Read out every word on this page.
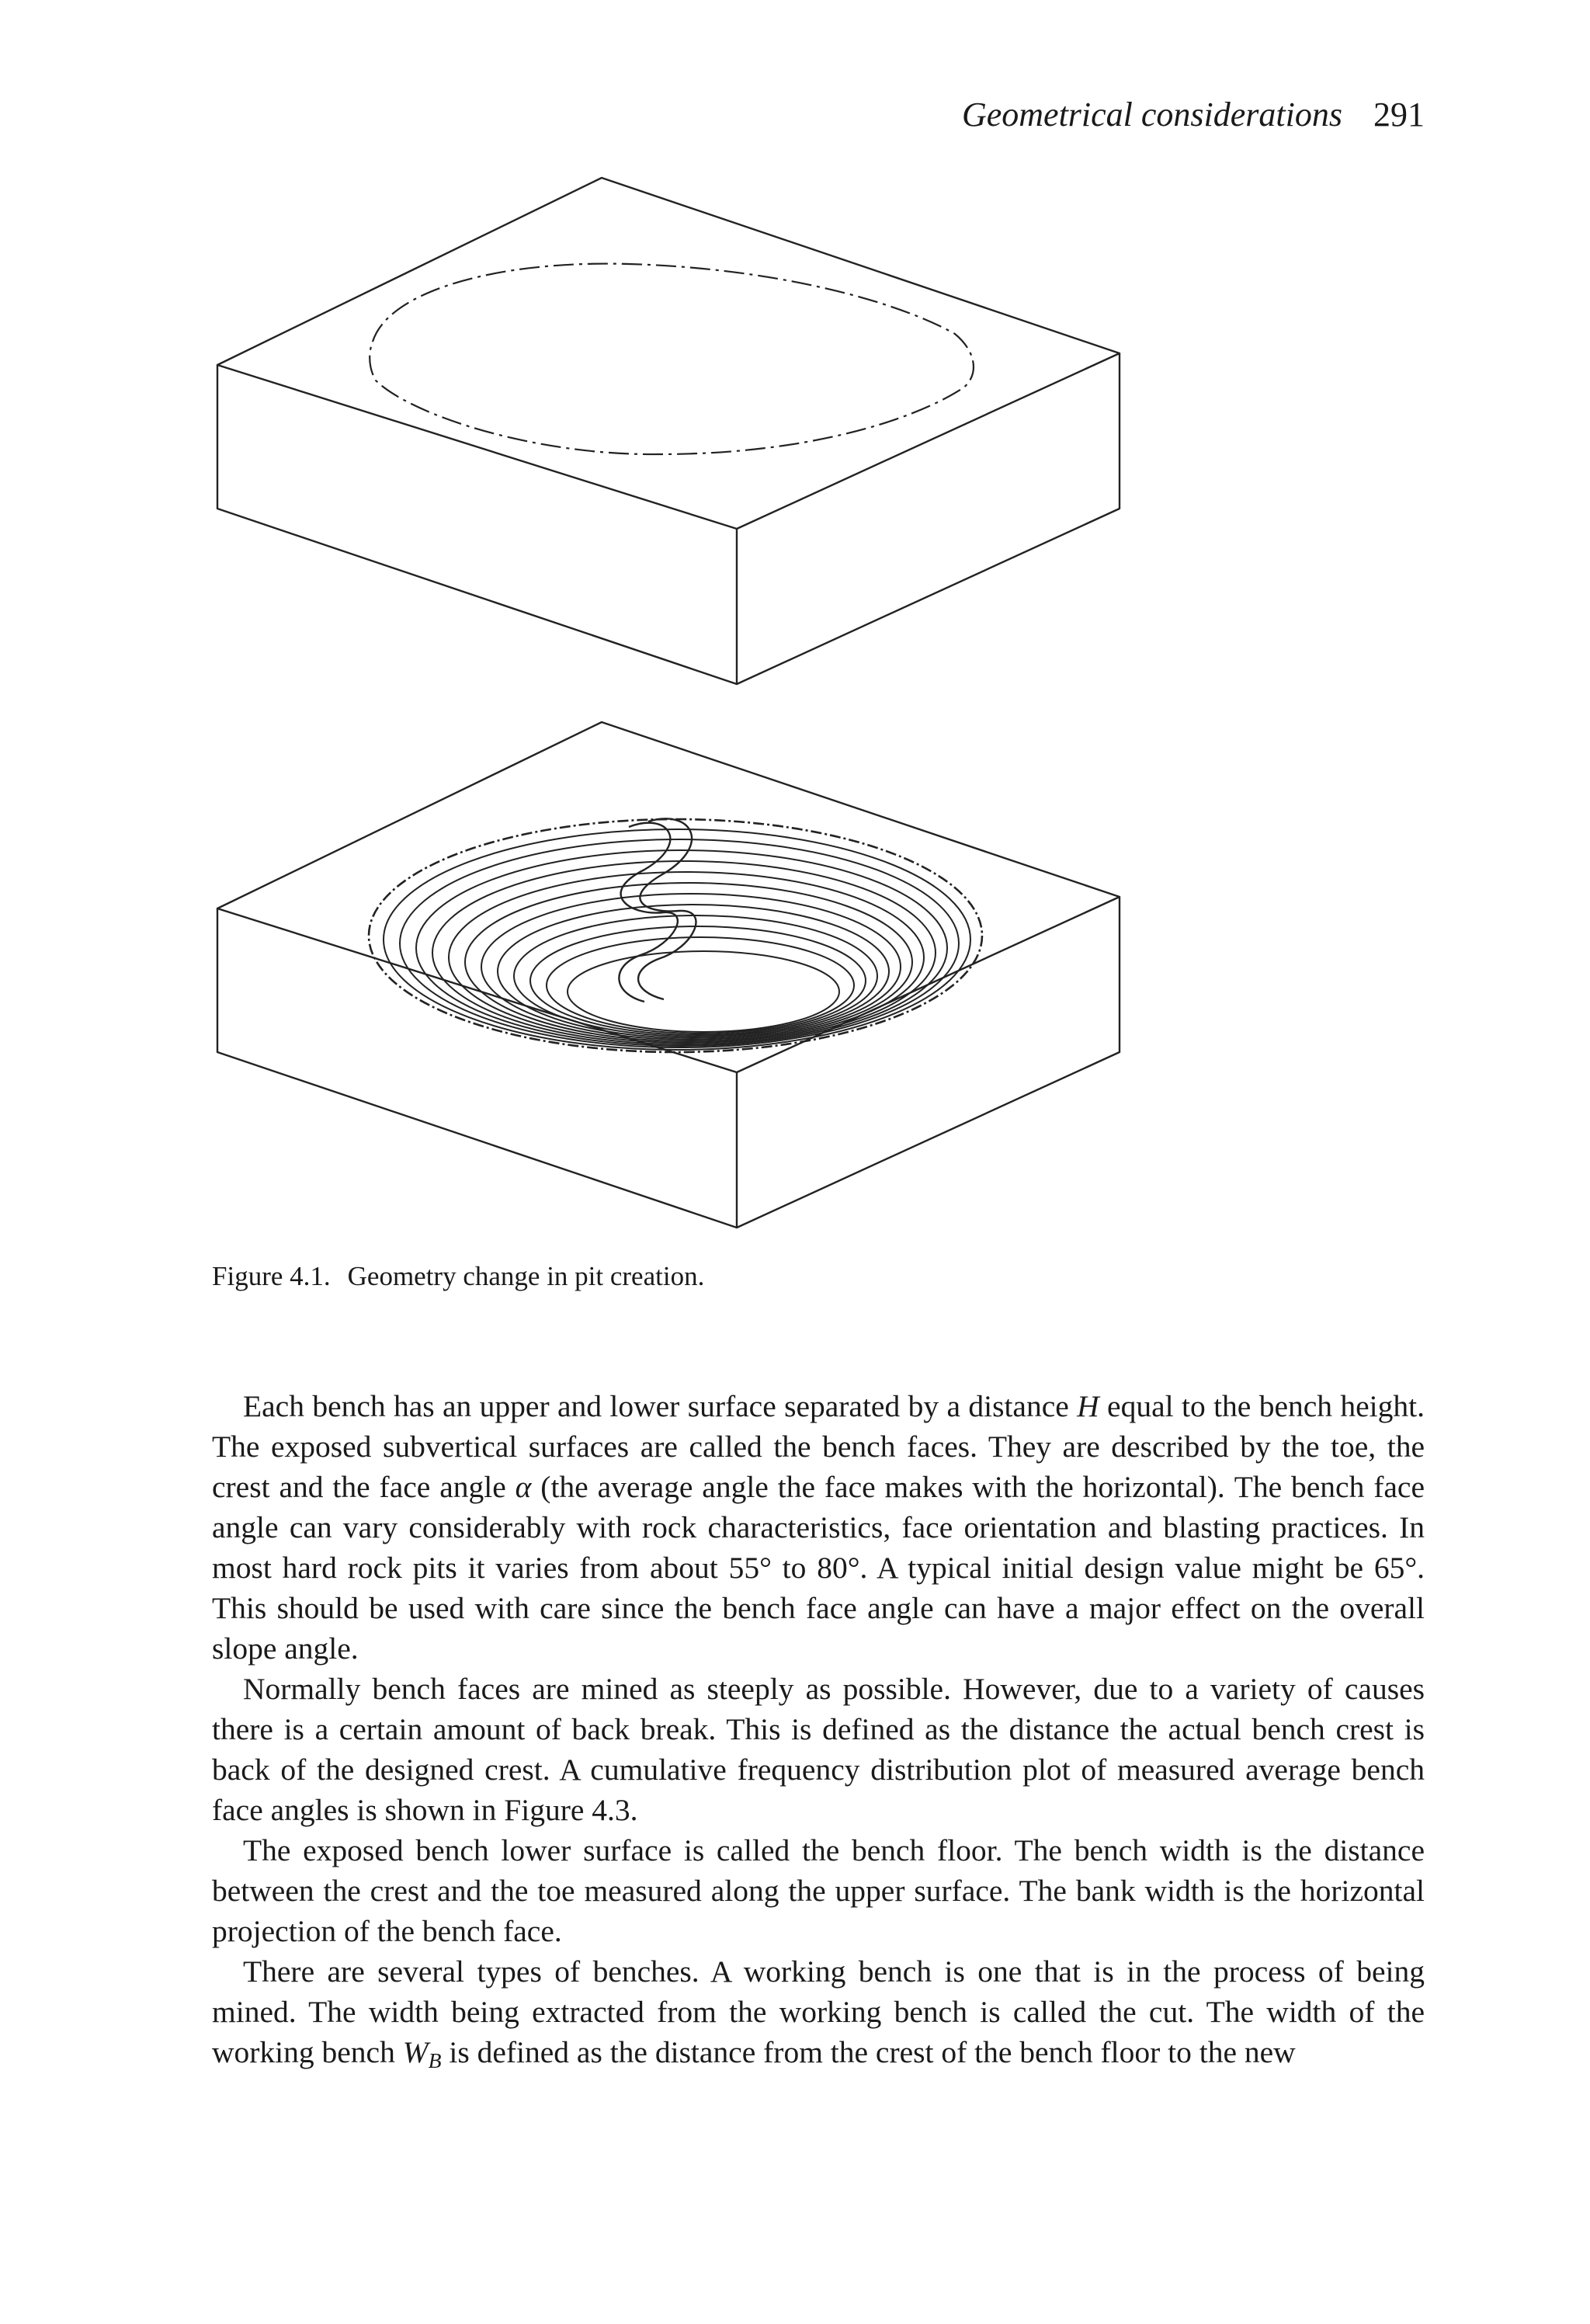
Geometrical considerations 291
Figure 4.1. Geometry change in pit creation.

Each bench has an upper and lower surface separated by a distance H equal to the bench height. The exposed subvertical surfaces are called the bench faces. They are described by the toe, the crest and the face angle α (the average angle the face makes with the horizontal). The bench face angle can vary considerably with rock characteristics, face orientation and blasting practices. In most hard rock pits it varies from about 55° to 80°. A typical initial design value might be 65°. This should be used with care since the bench face angle can have a major effect on the overall slope angle.

Normally bench faces are mined as steeply as possible. However, due to a variety of causes there is a certain amount of back break. This is defined as the distance the actual bench crest is back of the designed crest. A cumulative frequency distribution plot of measured average bench face angles is shown in Figure 4.3.

The exposed bench lower surface is called the bench floor. The bench width is the distance between the crest and the toe measured along the upper surface. The bank width is the horizontal projection of the bench face.

There are several types of benches. A working bench is one that is in the process of being mined. The width being extracted from the working bench is called the cut. The width of the working bench $W_B$ is defined as the distance from the crest of the bench floor to the new
